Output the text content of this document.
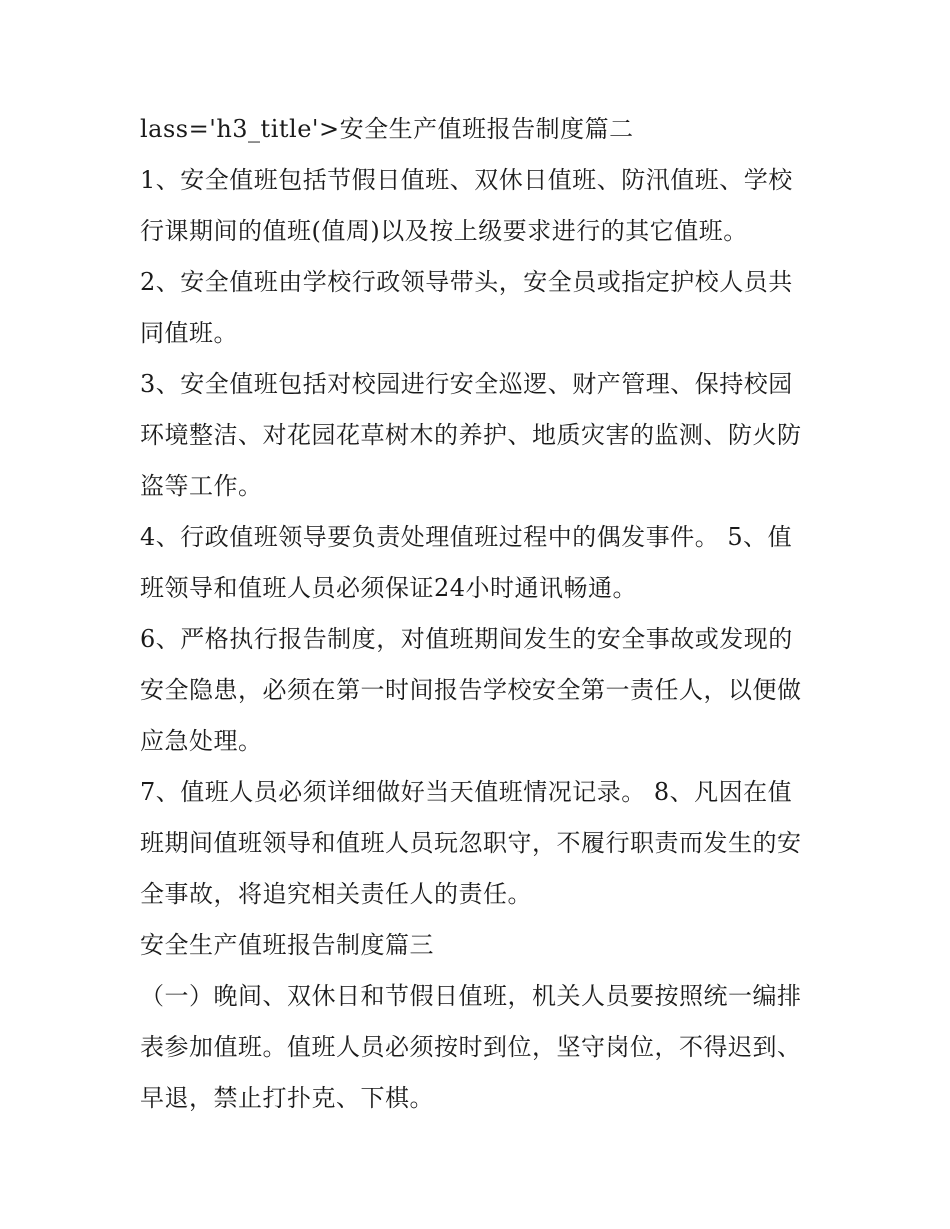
lass='h3_title'>安全生产值班报告制度篇二
1、安全值班包括节假日值班、双休日值班、防汛值班、学校
行课期间的值班(值周)以及按上级要求进行的其它值班。
2、安全值班由学校行政领导带头，安全员或指定护校人员共
同值班。
3、安全值班包括对校园进行安全巡逻、财产管理、保持校园
环境整洁、对花园花草树木的养护、地质灾害的监测、防火防
盗等工作。
4、行政值班领导要负责处理值班过程中的偶发事件。 5、值
班领导和值班人员必须保证24小时通讯畅通。
6、严格执行报告制度，对值班期间发生的安全事故或发现的
安全隐患，必须在第一时间报告学校安全第一责任人，以便做
应急处理。
7、值班人员必须详细做好当天值班情况记录。 8、凡因在值
班期间值班领导和值班人员玩忽职守，不履行职责而发生的安
全事故，将追究相关责任人的责任。
安全生产值班报告制度篇三
（一）晚间、双休日和节假日值班，机关人员要按照统一编排
表参加值班。值班人员必须按时到位，坚守岗位，不得迟到、
早退，禁止打扑克、下棋。
